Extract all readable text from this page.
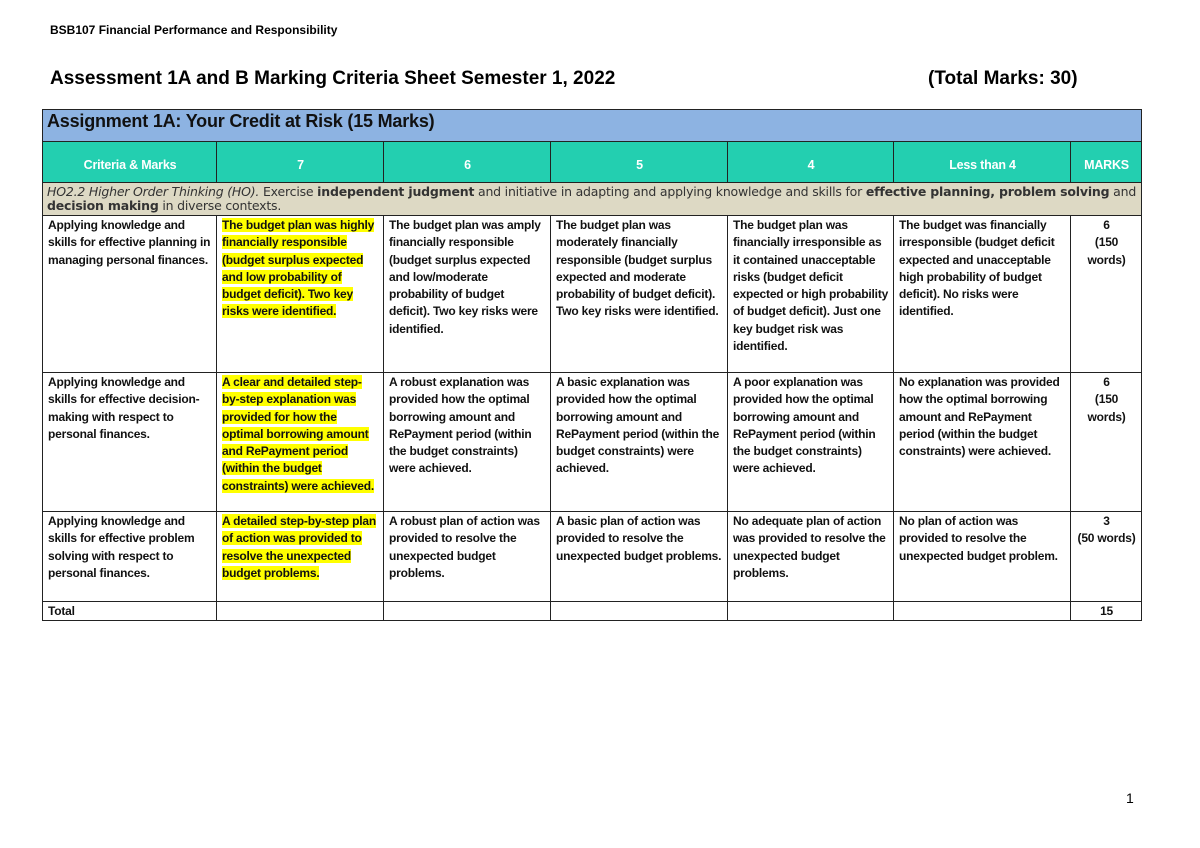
BSB107 Financial Performance and Responsibility
Assessment 1A and B Marking Criteria Sheet Semester 1, 2022	(Total Marks: 30)
Assignment 1A: Your Credit at Risk (15 Marks)						
Criteria & Marks	7	6	5	4	Less than 4	MARKS
HO2.2 Higher Order Thinking (HO). Exercise independent judgment and initiative in adapting and applying knowledge and skills for effective planning, problem solving and decision making in diverse contexts.						
Applying knowledge and skills for effective planning in managing personal finances.	The budget plan was highly financially responsible (budget surplus expected and low probability of budget deficit). Two key risks were identified.	The budget plan was amply financially responsible (budget surplus expected and low/moderate probability of budget deficit). Two key risks were identified.	The budget plan was moderately financially responsible (budget surplus expected and moderate probability of budget deficit). Two key risks were identified.	The budget plan was financially irresponsible as it contained unacceptable risks (budget deficit expected or high probability of budget deficit). Just one key budget risk was identified.	The budget was financially irresponsible (budget deficit expected and unacceptable high probability of budget deficit). No risks were identified.	6
(150 words)

Applying knowledge and skills for effective decision-making with respect to personal finances.	A clear and detailed step-by-step explanation was provided for how the optimal borrowing amount and RePayment period (within the budget constraints) were achieved.	A robust explanation was provided how the optimal borrowing amount and RePayment period (within the budget constraints) were achieved.	A basic explanation was provided how the optimal borrowing amount and RePayment period (within the budget constraints) were achieved.	A poor explanation was provided how the optimal borrowing amount and RePayment period (within the budget constraints) were achieved.	No explanation was provided how the optimal borrowing amount and RePayment period (within the budget constraints) were achieved.	6
(150 words)

Applying knowledge and skills for effective problem solving with respect to personal finances.	A detailed step-by-step plan of action was provided to resolve the unexpected budget problems.	A robust plan of action was provided to resolve the unexpected budget problems.	A basic plan of action was provided to resolve the unexpected budget problems.	No adequate plan of action was provided to resolve the unexpected budget problems.	No plan of action was provided to resolve the unexpected budget problem.	3
(50 words)

Total						15
1
